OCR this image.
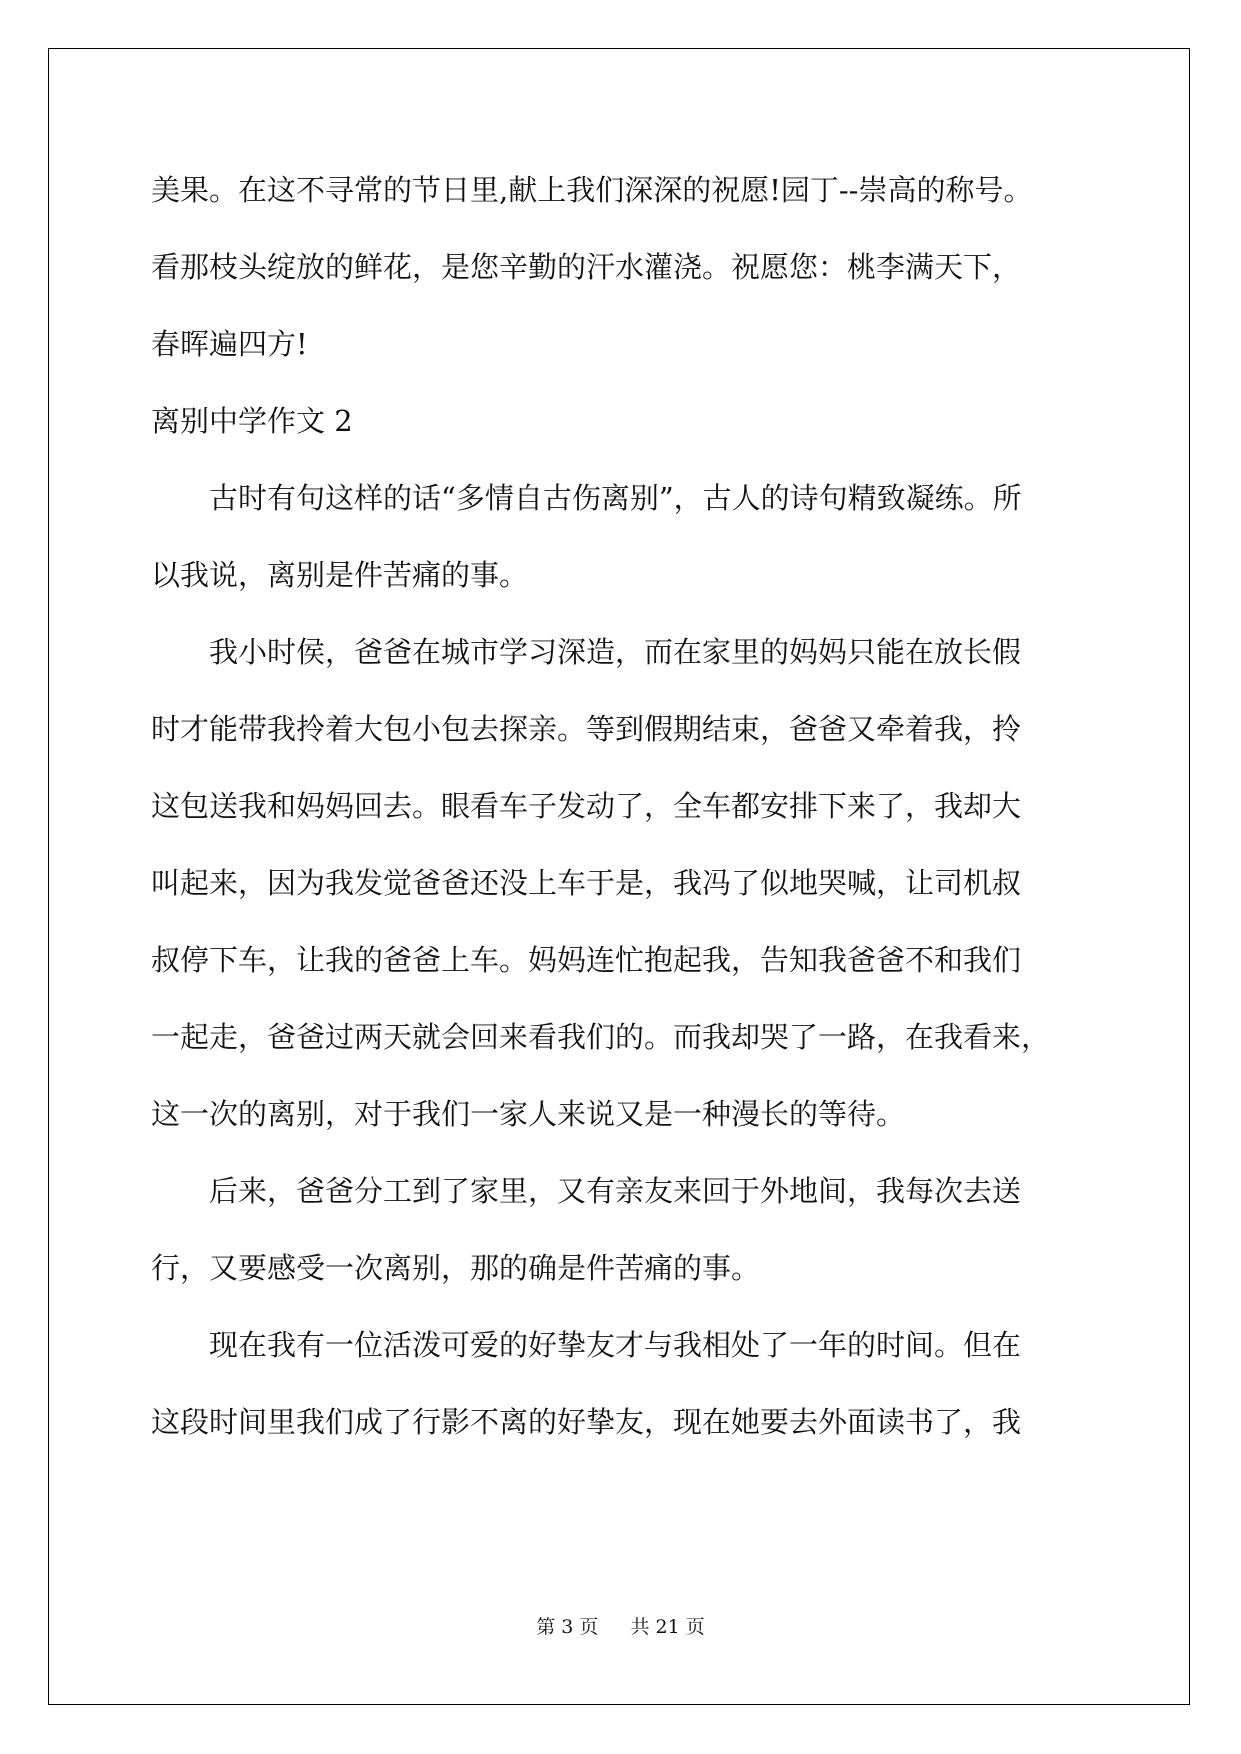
美果。在这不寻常的节日里,献上我们深深的祝愿!园丁--崇高的称号。
看那枝头绽放的鲜花，是您辛勤的汗水灌浇。祝愿您：桃李满天下，
春晖遍四方!

离别中学作文 2

古时有句这样的话“多情自古伤离别”，古人的诗句精致凝练。所
以我说，离别是件苦痛的事。

我小时侯，爸爸在城市学习深造，而在家里的妈妈只能在放长假
时才能带我拎着大包小包去探亲。等到假期结束，爸爸又牵着我，拎
这包送我和妈妈回去。眼看车子发动了，全车都安排下来了，我却大
叫起来，因为我发觉爸爸还没上车于是，我冯了似地哭喊，让司机叔
叔停下车，让我的爸爸上车。妈妈连忙抱起我，告知我爸爸不和我们
一起走，爸爸过两天就会回来看我们的。而我却哭了一路，在我看来，
这一次的离别，对于我们一家人来说又是一种漫长的等待。

后来，爸爸分工到了家里，又有亲友来回于外地间，我每次去送
行，又要感受一次离别，那的确是件苦痛的事。

现在我有一位活泼可爱的好挚友才与我相处了一年的时间。但在
这段时间里我们成了行影不离的好挚友，现在她要去外面读书了，我

第 3 页 共 21 页
